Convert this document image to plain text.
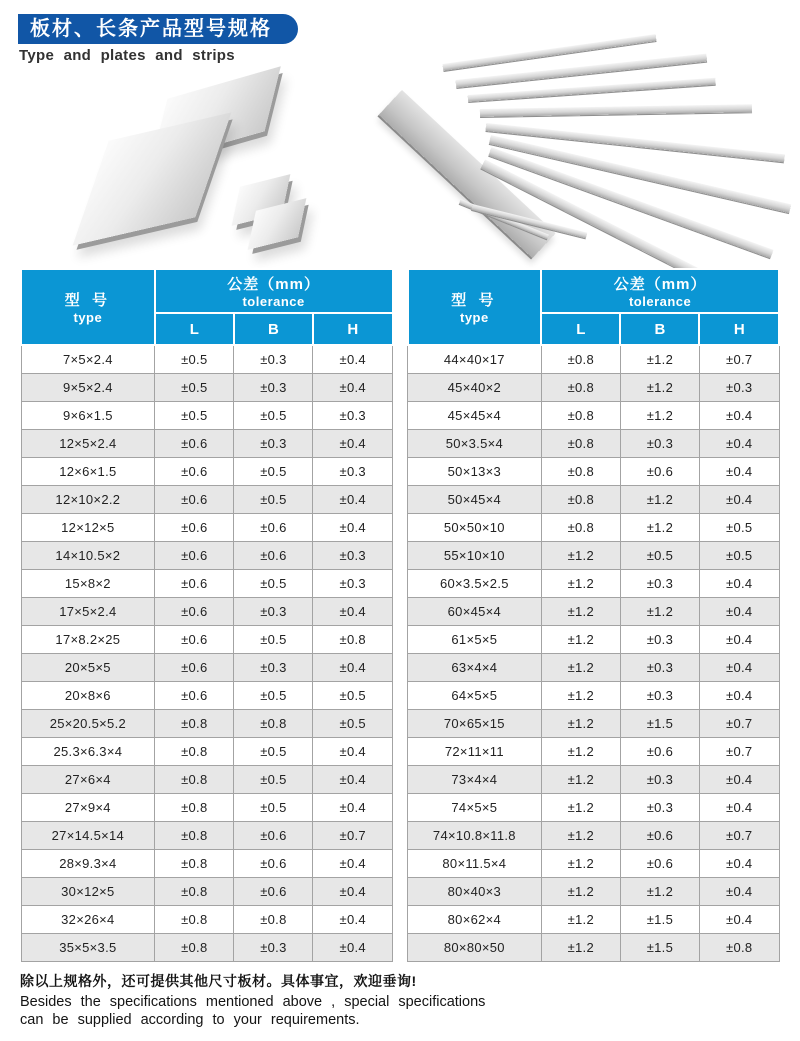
板材、长条产品型号规格
Type and plates and strips
型 号
type	公差（mm）
tolerance		

	L	B	H
7×5×2.4	±0.5	±0.3	±0.4
9×5×2.4	±0.5	±0.3	±0.4
9×6×1.5	±0.5	±0.5	±0.3
12×5×2.4	±0.6	±0.3	±0.4
12×6×1.5	±0.6	±0.5	±0.3
12×10×2.2	±0.6	±0.5	±0.4
12×12×5	±0.6	±0.6	±0.4
14×10.5×2	±0.6	±0.6	±0.3
15×8×2	±0.6	±0.5	±0.3
17×5×2.4	±0.6	±0.3	±0.4
17×8.2×25	±0.6	±0.5	±0.8
20×5×5	±0.6	±0.3	±0.4
20×8×6	±0.6	±0.5	±0.5
25×20.5×5.2	±0.8	±0.8	±0.5
25.3×6.3×4	±0.8	±0.5	±0.4
27×6×4	±0.8	±0.5	±0.4
27×9×4	±0.8	±0.5	±0.4
27×14.5×14	±0.8	±0.6	±0.7
28×9.3×4	±0.8	±0.6	±0.4
30×12×5	±0.8	±0.6	±0.4
32×26×4	±0.8	±0.8	±0.4
35×5×3.5	±0.8	±0.3	±0.4
型 号
type	公差（mm）
tolerance		

	L	B	H
44×40×17	±0.8	±1.2	±0.7
45×40×2	±0.8	±1.2	±0.3
45×45×4	±0.8	±1.2	±0.4
50×3.5×4	±0.8	±0.3	±0.4
50×13×3	±0.8	±0.6	±0.4
50×45×4	±0.8	±1.2	±0.4
50×50×10	±0.8	±1.2	±0.5
55×10×10	±1.2	±0.5	±0.5
60×3.5×2.5	±1.2	±0.3	±0.4
60×45×4	±1.2	±1.2	±0.4
61×5×5	±1.2	±0.3	±0.4
63×4×4	±1.2	±0.3	±0.4
64×5×5	±1.2	±0.3	±0.4
70×65×15	±1.2	±1.5	±0.7
72×11×11	±1.2	±0.6	±0.7
73×4×4	±1.2	±0.3	±0.4
74×5×5	±1.2	±0.3	±0.4
74×10.8×11.8	±1.2	±0.6	±0.7
80×11.5×4	±1.2	±0.6	±0.4
80×40×3	±1.2	±1.2	±0.4
80×62×4	±1.2	±1.5	±0.4
80×80×50	±1.2	±1.5	±0.8

除以上规格外，还可提供其他尺寸板材。具体事宜，欢迎垂询!

Besides the specifications mentioned above , special specifications

can be supplied according to your requirements.
